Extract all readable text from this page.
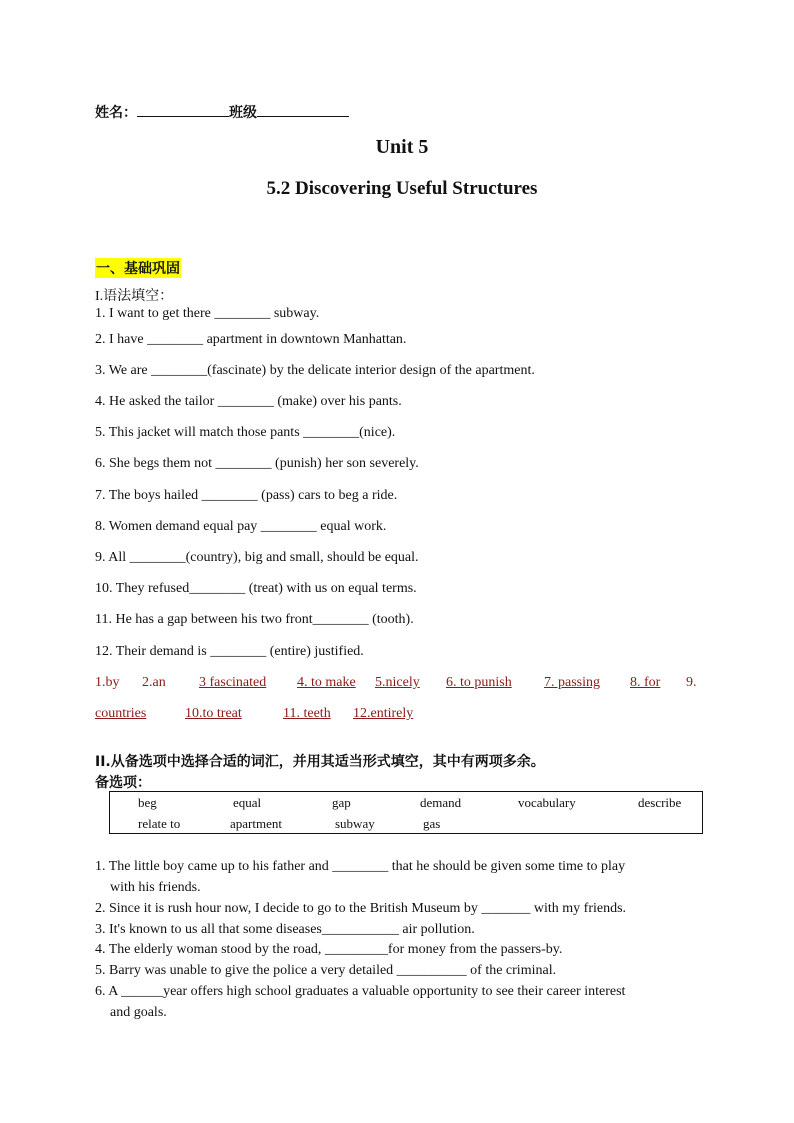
姓名：	班级
Unit 5
5.2 Discovering Useful Structures
一、基础巩固
I.语法填空：
1. I want to get there ________ subway.
2. I have ________ apartment in downtown Manhattan.
3. We are ________(fascinate) by the delicate interior design of the apartment.
4. He asked the tailor ________ (make) over his pants.
5. This jacket will match those pants ________(nice).
6. She begs them not ________ (punish) her son severely.
7. The boys hailed ________ (pass) cars to beg a ride.
8. Women demand equal pay ________ equal work.
9. All ________(country), big and small, should be equal.
10. They refused________ (treat) with us on equal terms.
11. He has a gap between his two front________ (tooth).
12. Their demand is ________ (entire) justified.
1.by 2.an 3 fascinated 4. to make 5.nicely 6. to punish 7. passing 8. for 9.
countries	10.to treat	11. teeth 12.entirely
II.从备选项中选择合适的词汇，并用其适当形式填空，其中有两项多余。
备选项：
beg	equal	gap	demand	vocabulary	describe
relate to	apartment	subway	gas
1. The little boy came up to his father and ________ that he should be given some time to play
with his friends.
2. Since it is rush hour now, I decide to go to the British Museum by _______ with my friends.
3. It's known to us all that some diseases___________ air pollution.
4. The elderly woman stood by the road, _________for money from the passers-by.
5. Barry was unable to give the police a very detailed __________ of the criminal.
6. A ______year offers high school graduates a valuable opportunity to see their career interest
and goals.
